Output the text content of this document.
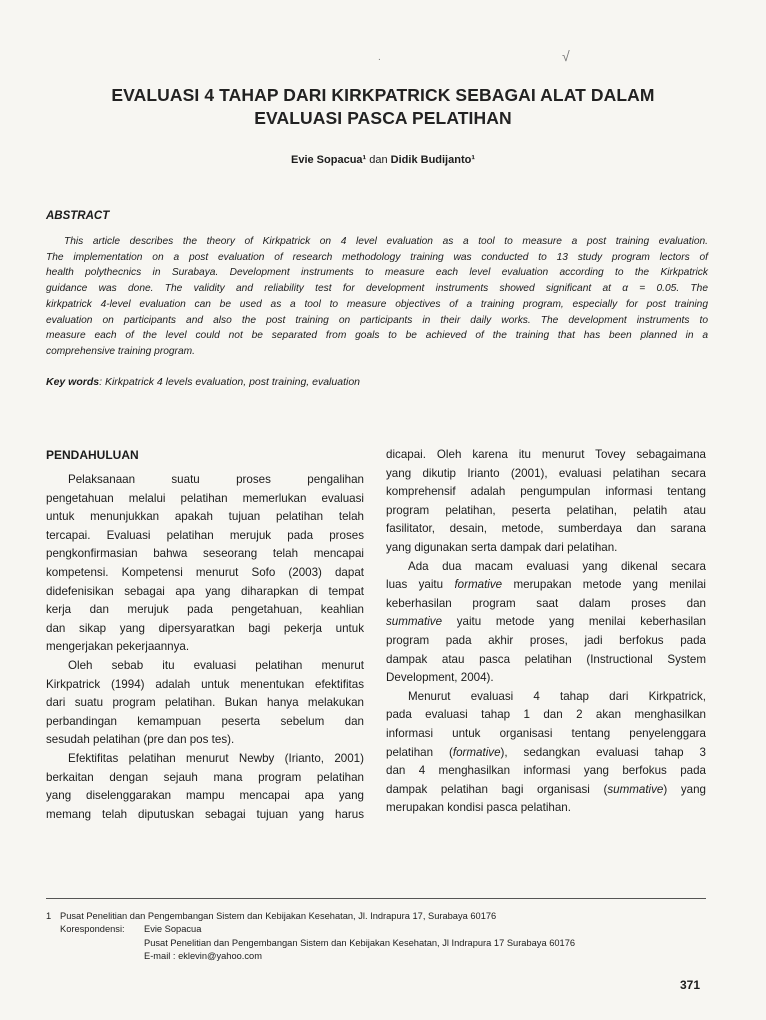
√
.
EVALUASI 4 TAHAP DARI KIRKPATRICK SEBAGAI ALAT DALAM
EVALUASI PASCA PELATIHAN
Evie Sopacua¹ dan Didik Budijanto¹
ABSTRACT
This article describes the theory of Kirkpatrick on 4 level evaluation as a tool to measure a post training evaluation.
The implementation on a post evaluation of research methodology training was conducted to 13 study program lectors of
health polythecnics in Surabaya. Development instruments to measure each level evaluation according to the Kirkpatrick
guidance was done. The validity and reliability test for development instruments showed significant at α = 0.05. The
kirkpatrick 4-level evaluation can be used as a tool to measure objectives of a training program, especially for post training
evaluation on participants and also the post training on participants in their daily works. The development instruments to
measure each of the level could not be separated from goals to be achieved of the training that has been planned in a
comprehensive training program.
Key words: Kirkpatrick 4 levels evaluation, post training, evaluation
PENDAHULUAN
Pelaksanaan suatu proses pengalihan
pengetahuan melalui pelatihan memerlukan evaluasi
untuk menunjukkan apakah tujuan pelatihan telah
tercapai. Evaluasi pelatihan merujuk pada proses
pengkonfirmasian bahwa seseorang telah mencapai
kompetensi. Kompetensi menurut Sofo (2003) dapat
didefenisikan sebagai apa yang diharapkan di tempat
kerja dan merujuk pada pengetahuan, keahlian
dan sikap yang dipersyaratkan bagi pekerja untuk
mengerjakan pekerjaannya.
Oleh sebab itu evaluasi pelatihan menurut
Kirkpatrick (1994) adalah untuk menentukan efektifitas
dari suatu program pelatihan. Bukan hanya melakukan
perbandingan kemampuan peserta sebelum dan
sesudah pelatihan (pre dan pos tes).
Efektifitas pelatihan menurut Newby (Irianto, 2001)
berkaitan dengan sejauh mana program pelatihan
yang diselenggarakan mampu mencapai apa yang
memang telah diputuskan sebagai tujuan yang harus
dicapai. Oleh karena itu menurut Tovey sebagaimana
yang dikutip Irianto (2001), evaluasi pelatihan secara
komprehensif adalah pengumpulan informasi tentang
program pelatihan, peserta pelatihan, pelatih atau
fasilitator, desain, metode, sumberdaya dan sarana
yang digunakan serta dampak dari pelatihan.
Ada dua macam evaluasi yang dikenal secara
luas yaitu formative merupakan metode yang menilai
keberhasilan program saat dalam proses dan
summative yaitu metode yang menilai keberhasilan
program pada akhir proses, jadi berfokus pada
dampak atau pasca pelatihan (Instructional System
Development, 2004).
Menurut evaluasi 4 tahap dari Kirkpatrick,
pada evaluasi tahap 1 dan 2 akan menghasilkan
informasi untuk organisasi tentang penyelenggara
pelatihan (formative), sedangkan evaluasi tahap 3
dan 4 menghasilkan informasi yang berfokus pada
dampak pelatihan bagi organisasi (summative) yang
merupakan kondisi pasca pelatihan.
1 Pusat Penelitian dan Pengembangan Sistem dan Kebijakan Kesehatan, Jl. Indrapura 17, Surabaya 60176
Korespondensi: Evie Sopacua
Pusat Penelitian dan Pengembangan Sistem dan Kebijakan Kesehatan, Jl Indrapura 17 Surabaya 60176
E-mail : eklevin@yahoo.com
371
